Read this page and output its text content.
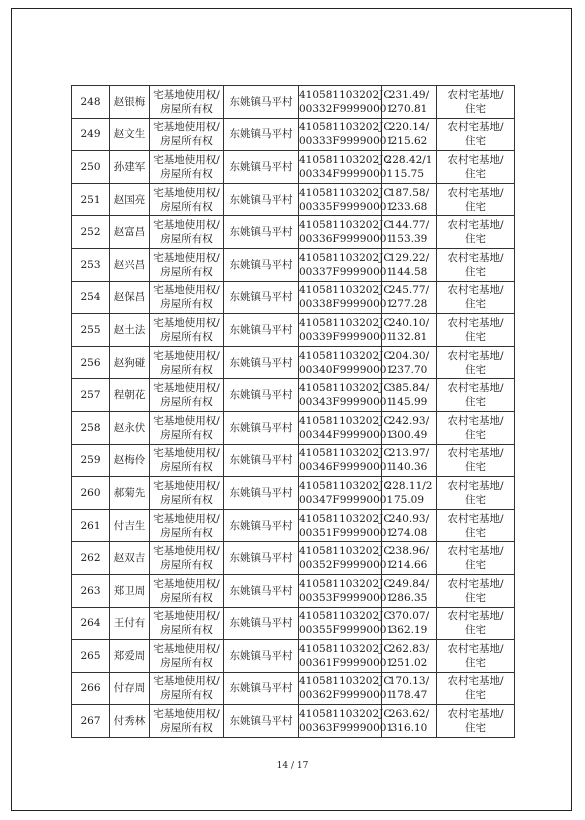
248	赵银梅	宅基地使用权/
房屋所有权	东姚镇马平村	410581103202JC
00332F99990001	231.49/
270.81	农村宅基地/
住宅

249	赵文生	宅基地使用权/
房屋所有权	东姚镇马平村	410581103202JC
00333F99990001	220.14/
215.62	农村宅基地/
住宅

250	孙建军	宅基地使用权/
房屋所有权	东姚镇马平村	410581103202JC
00334F99990001	228.42/1
15.75	农村宅基地/
住宅

251	赵国亮	宅基地使用权/
房屋所有权	东姚镇马平村	410581103202JC
00335F99990001	187.58/
233.68	农村宅基地/
住宅

252	赵富昌	宅基地使用权/
房屋所有权	东姚镇马平村	410581103202JC
00336F99990001	144.77/
153.39	农村宅基地/
住宅

253	赵兴昌	宅基地使用权/
房屋所有权	东姚镇马平村	410581103202JC
00337F99990001	129.22/
144.58	农村宅基地/
住宅

254	赵保昌	宅基地使用权/
房屋所有权	东姚镇马平村	410581103202JC
00338F99990001	245.77/
277.28	农村宅基地/
住宅

255	赵土法	宅基地使用权/
房屋所有权	东姚镇马平村	410581103202JC
00339F99990001	240.10/
132.81	农村宅基地/
住宅

256	赵狗碰	宅基地使用权/
房屋所有权	东姚镇马平村	410581103202JC
00340F99990001	204.30/
237.70	农村宅基地/
住宅

257	程朝花	宅基地使用权/
房屋所有权	东姚镇马平村	410581103202JC
00343F99990001	385.84/
145.99	农村宅基地/
住宅

258	赵永伏	宅基地使用权/
房屋所有权	东姚镇马平村	410581103202JC
00344F99990001	242.93/
300.49	农村宅基地/
住宅

259	赵梅伶	宅基地使用权/
房屋所有权	东姚镇马平村	410581103202JC
00346F99990001	213.97/
140.36	农村宅基地/
住宅

260	郝菊先	宅基地使用权/
房屋所有权	东姚镇马平村	410581103202JC
00347F99990001	228.11/2
75.09	农村宅基地/
住宅

261	付吉生	宅基地使用权/
房屋所有权	东姚镇马平村	410581103202JC
00351F99990001	240.93/
274.08	农村宅基地/
住宅

262	赵双吉	宅基地使用权/
房屋所有权	东姚镇马平村	410581103202JC
00352F99990001	238.96/
214.66	农村宅基地/
住宅

263	郑卫周	宅基地使用权/
房屋所有权	东姚镇马平村	410581103202JC
00353F99990001	249.84/
286.35	农村宅基地/
住宅

264	王付有	宅基地使用权/
房屋所有权	东姚镇马平村	410581103202JC
00355F99990001	370.07/
362.19	农村宅基地/
住宅

265	郑爱周	宅基地使用权/
房屋所有权	东姚镇马平村	410581103202JC
00361F99990001	262.83/
251.02	农村宅基地/
住宅

266	付存周	宅基地使用权/
房屋所有权	东姚镇马平村	410581103202JC
00362F99990001	170.13/
178.47	农村宅基地/
住宅

267	付秀林	宅基地使用权/
房屋所有权	东姚镇马平村	410581103202JC
00363F99990001	263.62/
316.10	农村宅基地/
住宅
14 / 17
